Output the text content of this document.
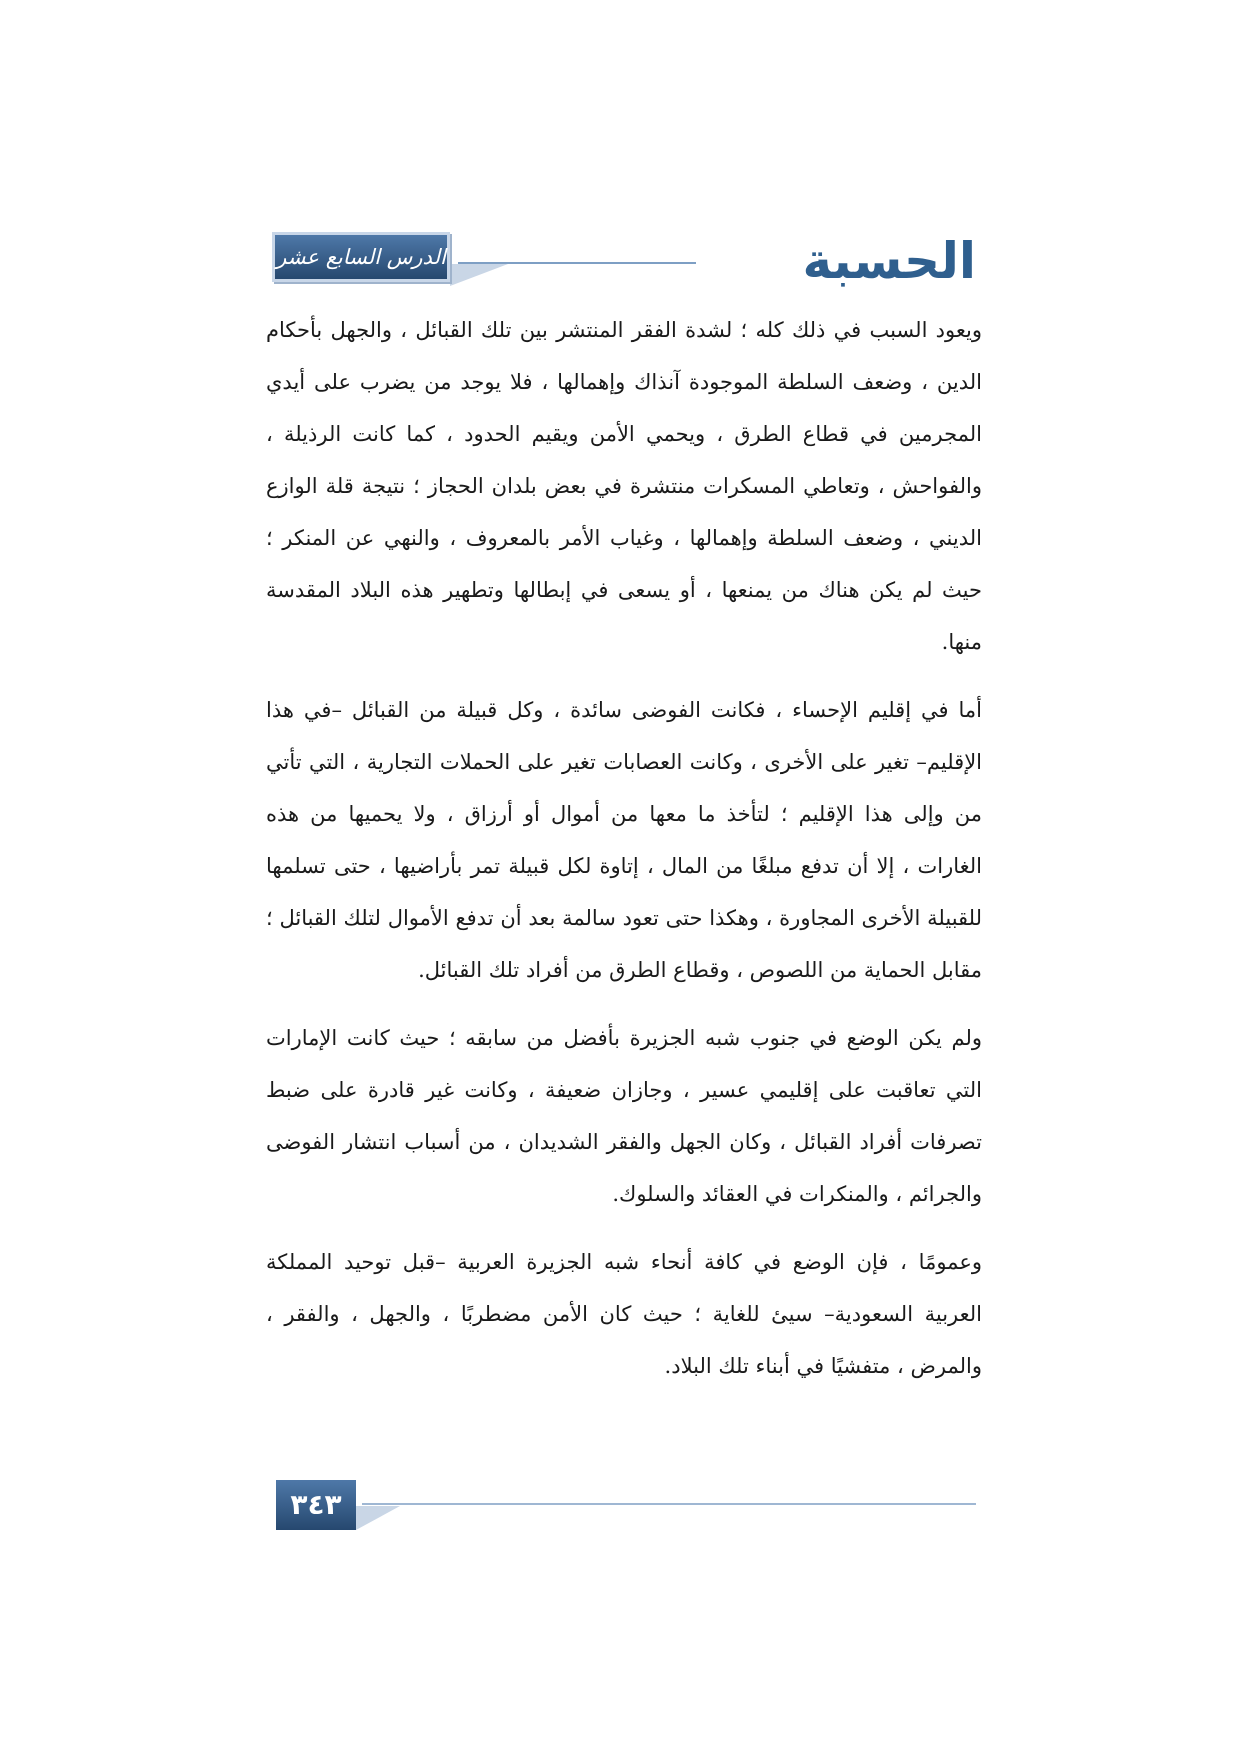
الحسبة
الدرس السابع عشر

ويعود السبب في ذلك كله ؛ لشدة الفقر المنتشر بين تلك القبائل ، والجهل بأحكام الدين ، وضعف السلطة الموجودة آنذاك وإهمالها ، فلا يوجد من يضرب على أيدي المجرمين في قطاع الطرق ، ويحمي الأمن ويقيم الحدود ، كما كانت الرذيلة ، والفواحش ، وتعاطي المسكرات منتشرة في بعض بلدان الحجاز ؛ نتيجة قلة الوازع الديني ، وضعف السلطة وإهمالها ، وغياب الأمر بالمعروف ، والنهي عن المنكر ؛ حيث لم يكن هناك من يمنعها ، أو يسعى في إبطالها وتطهير هذه البلاد المقدسة منها.

أما في إقليم الإحساء ، فكانت الفوضى سائدة ، وكل قبيلة من القبائل –في هذا الإقليم– تغير على الأخرى ، وكانت العصابات تغير على الحملات التجارية ، التي تأتي من وإلى هذا الإقليم ؛ لتأخذ ما معها من أموال أو أرزاق ، ولا يحميها من هذه الغارات ، إلا أن تدفع مبلغًا من المال ، إتاوة لكل قبيلة تمر بأراضيها ، حتى تسلمها للقبيلة الأخرى المجاورة ، وهكذا حتى تعود سالمة بعد أن تدفع الأموال لتلك القبائل ؛ مقابل الحماية من اللصوص ، وقطاع الطرق من أفراد تلك القبائل.

ولم يكن الوضع في جنوب شبه الجزيرة بأفضل من سابقه ؛ حيث كانت الإمارات التي تعاقبت على إقليمي عسير ، وجازان ضعيفة ، وكانت غير قادرة على ضبط تصرفات أفراد القبائل ، وكان الجهل والفقر الشديدان ، من أسباب انتشار الفوضى والجرائم ، والمنكرات في العقائد والسلوك.

وعمومًا ، فإن الوضع في كافة أنحاء شبه الجزيرة العربية –قبل توحيد المملكة العربية السعودية– سيئ للغاية ؛ حيث كان الأمن مضطربًا ، والجهل ، والفقر ، والمرض ، متفشيًا في أبناء تلك البلاد.

٣٤٣
